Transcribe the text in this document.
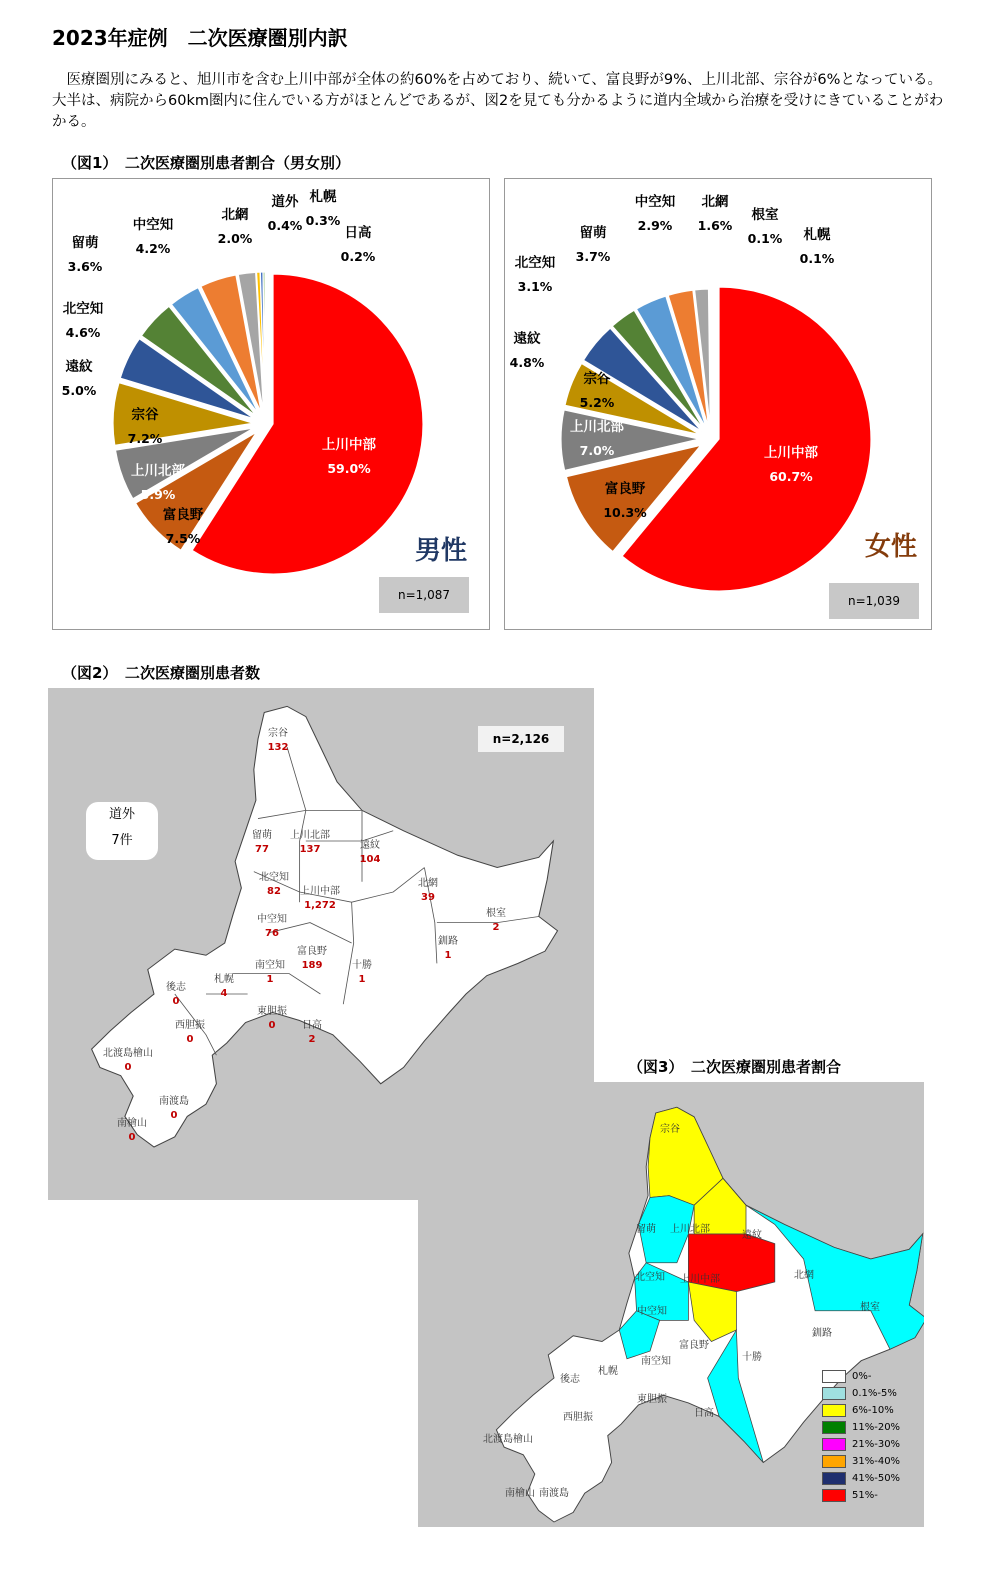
2023年症例　二次医療圏別内訳
　医療圏別にみると、旭川市を含む上川中部が全体の約60%を占めており、続いて、富良野が9%、上川北部、宗谷が6%となっている。大半は、病院から60km圏内に住んでいる方がほとんどであるが、図2を見ても分かるように道内全域から治療を受けにきていることがわかる。
（図1）　二次医療圏別患者割合（男女別）
上川中部
59.0%
富良野
7.5%
上川北部
5.9%
宗谷
7.2%
遠紋
5.0%
北空知
4.6%
留萌
3.6%
中空知
4.2%
北網
2.0%
道外
0.4%
札幌
0.3%
日高
0.2%
男性
n=1,087
上川中部
60.7%
富良野
10.3%
上川北部
7.0%
宗谷
5.2%
遠紋
4.8%
北空知
3.1%
留萌
3.7%
中空知
2.9%
北網
1.6%
根室
0.1% 札幌
0.1%
女性
n=1,039
（図2）　二次医療圏別患者数
n=2,126
道外
7件
宗谷
132
留萌
77
上川北部
137	遠紋
104
北空知
82 上川中部
1,272
北網
39
根室
2
中空知
76
富良野
189
釧路
1
十勝
1
後志
0
札幌
4
南空知
1
東胆振
0
西胆振
0
日高
2
北渡島檜山
0
南檜山
0
南渡島
0
（図3）　二次医療圏別患者割合
宗谷
留萌 上川北部
遠紋
北空知 上川中部	北網
根室
中空知
富良野
釧路
十勝
後志
札幌
南空知
東胆振
西胆振	日高
北渡島檜山
南檜山 南渡島
0%-
0.1%-5%
6%-10%
11%-20%
21%-30%
31%-40%
41%-50%
51%-
